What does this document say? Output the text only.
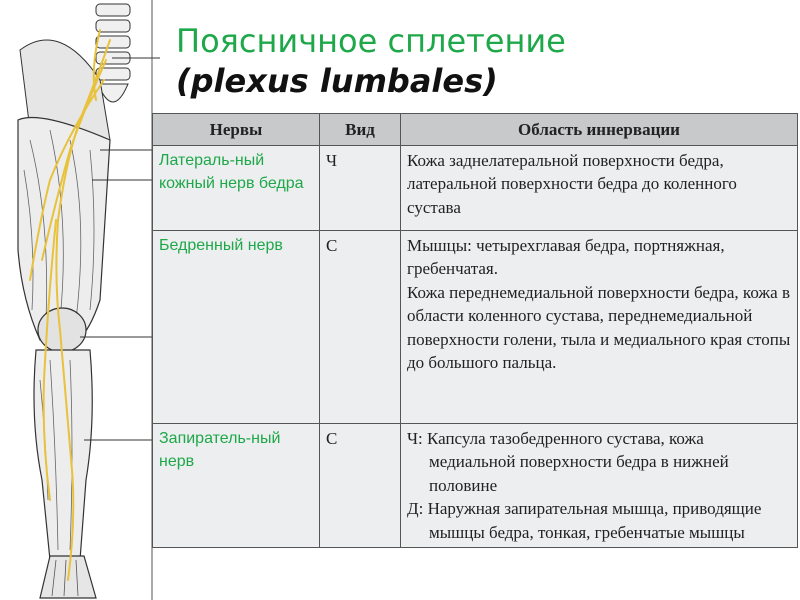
Поясничное сплетение
(plexus lumbales)
Нервы	Вид	Область иннервации
Латераль-ный кожный нерв бедра	Ч	Кожа заднелатеральной поверхности бедра, латеральной поверхности бедра до коленного сустава

Бедренный нерв	С	Мышцы: четырехглавая бедра, портняжная, гребенчатая.
Кожа переднемедиальной поверхности бедра, кожа в области коленного сустава, переднемедиальной поверхности голени, тыла и медиального края стопы до большого пальца.

Запиратель-ный нерв	С	Ч: Капсула тазобедренного сустава, кожа медиальной поверхности бедра в нижней половине
Д: Наружная запирательная мышца, приводящие мышцы бедра, тонкая, гребенчатые мышцы
